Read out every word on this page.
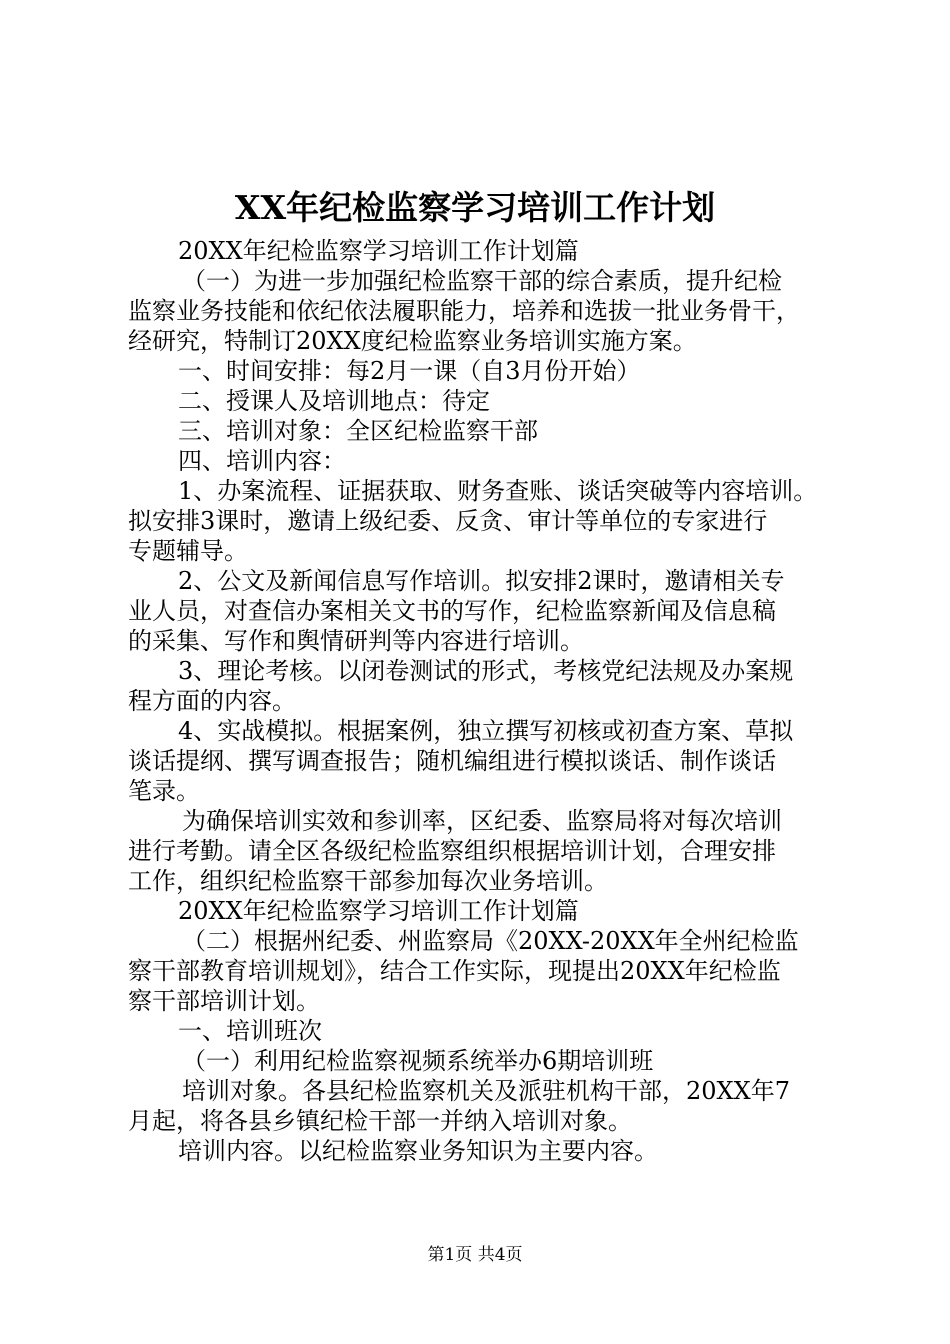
XX年纪检监察学习培训工作计划
20XX年纪检监察学习培训工作计划篇
（一）为进一步加强纪检监察干部的综合素质，提升纪检
监察业务技能和依纪依法履职能力，培养和选拔一批业务骨干，
经研究，特制订20XX度纪检监察业务培训实施方案。
一、时间安排：每2月一课（自3月份开始）
二、授课人及培训地点：待定
三、培训对象：全区纪检监察干部
四、培训内容：
1、办案流程、证据获取、财务查账、谈话突破等内容培训。
拟安排3课时，邀请上级纪委、反贪、审计等单位的专家进行
专题辅导。
2、公文及新闻信息写作培训。拟安排2课时，邀请相关专
业人员，对查信办案相关文书的写作，纪检监察新闻及信息稿
的采集、写作和舆情研判等内容进行培训。
3、理论考核。以闭卷测试的形式，考核党纪法规及办案规
程方面的内容。
4、实战模拟。根据案例，独立撰写初核或初查方案、草拟
谈话提纲、撰写调查报告；随机编组进行模拟谈话、制作谈话
笔录。
为确保培训实效和参训率，区纪委、监察局将对每次培训
进行考勤。请全区各级纪检监察组织根据培训计划，合理安排
工作，组织纪检监察干部参加每次业务培训。
20XX年纪检监察学习培训工作计划篇
（二）根据州纪委、州监察局《20XX-20XX年全州纪检监
察干部教育培训规划》，结合工作实际，现提出20XX年纪检监
察干部培训计划。
一、培训班次
（一）利用纪检监察视频系统举办6期培训班
培训对象。各县纪检监察机关及派驻机构干部，20XX年7
月起，将各县乡镇纪检干部一并纳入培训对象。
培训内容。以纪检监察业务知识为主要内容。
第1页 共4页
